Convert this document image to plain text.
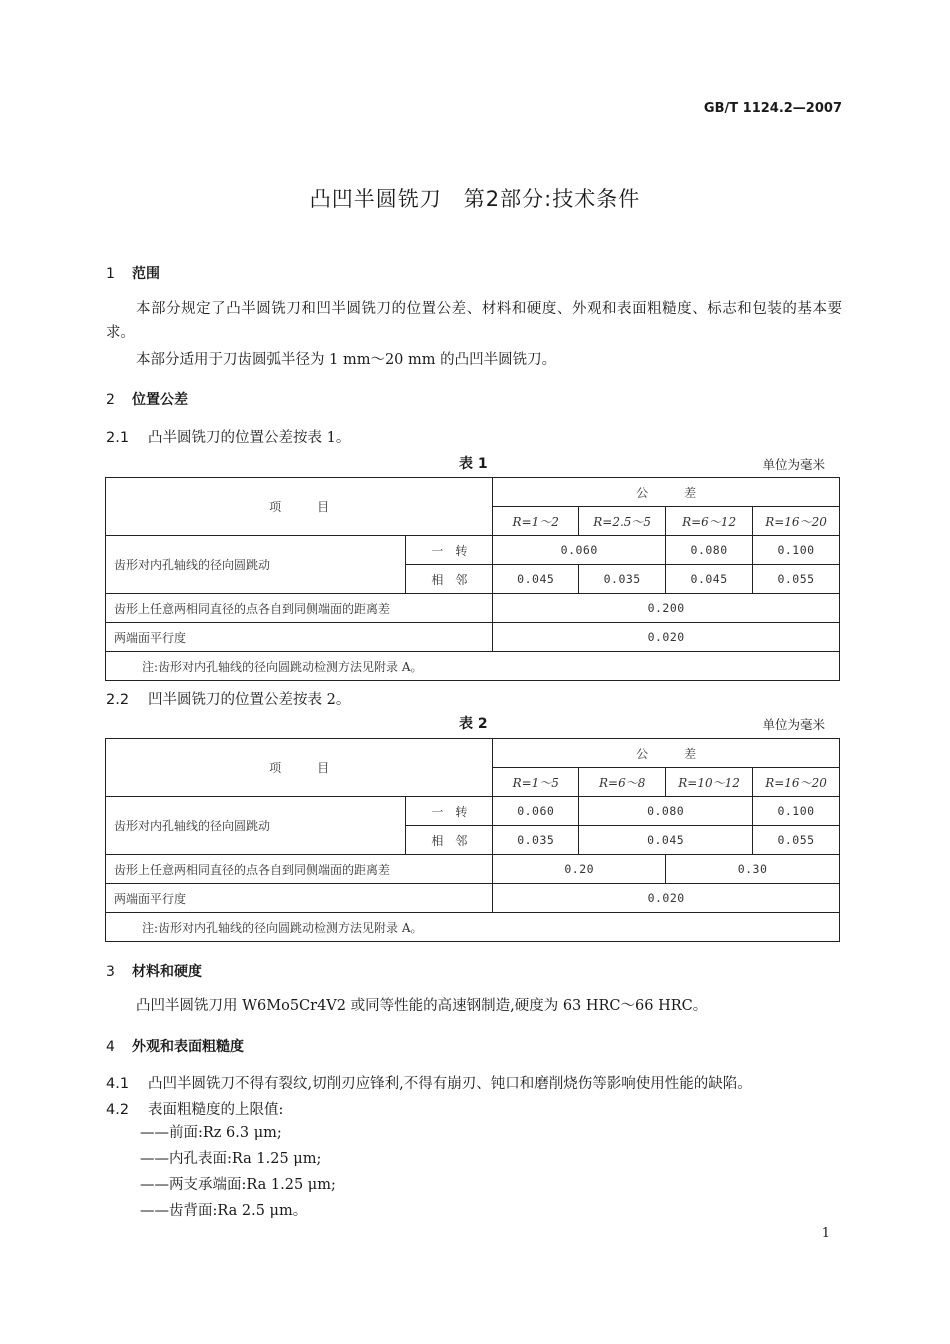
GB/T 1124.2—2007
凸凹半圆铣刀　第2部分:技术条件
1 范围
本部分规定了凸半圆铣刀和凹半圆铣刀的位置公差、材料和硬度、外观和表面粗糙度、标志和包装的基本要求。
本部分适用于刀齿圆弧半径为 1 mm～20 mm 的凸凹半圆铣刀。
2 位置公差
2.1 凸半圆铣刀的位置公差按表 1。
表 1	单位为毫米
项　　　目		公　　　差			
		R=1～2	R=2.5～5	R=6～12	R=16～20
齿形对内孔轴线的径向圆跳动	一　转	0.060		0.080	0.100
	相　邻	0.045	0.035	0.045	0.055
齿形上任意两相同直径的点各自到同侧端面的距离差		0.200			
两端面平行度		0.020			
注:齿形对内孔轴线的径向圆跳动检测方法见附录 A。					
2.2 凹半圆铣刀的位置公差按表 2。
表 2	单位为毫米
项　　　目		公　　　差			
		R=1～5	R=6～8	R=10～12	R=16～20
齿形对内孔轴线的径向圆跳动	一　转	0.060	0.080		0.100
	相　邻	0.035	0.045		0.055
齿形上任意两相同直径的点各自到同侧端面的距离差		0.20		0.30	
两端面平行度		0.020			
注:齿形对内孔轴线的径向圆跳动检测方法见附录 A。					
3 材料和硬度
凸凹半圆铣刀用 W6Mo5Cr4V2 或同等性能的高速钢制造,硬度为 63 HRC～66 HRC。
4 外观和表面粗糙度
4.1 凸凹半圆铣刀不得有裂纹,切削刃应锋利,不得有崩刃、钝口和磨削烧伤等影响使用性能的缺陷。
4.2 表面粗糙度的上限值:
——前面:Rz 6.3 μm;
——内孔表面:Ra 1.25 μm;
——两支承端面:Ra 1.25 μm;
——齿背面:Ra 2.5 μm。
1
